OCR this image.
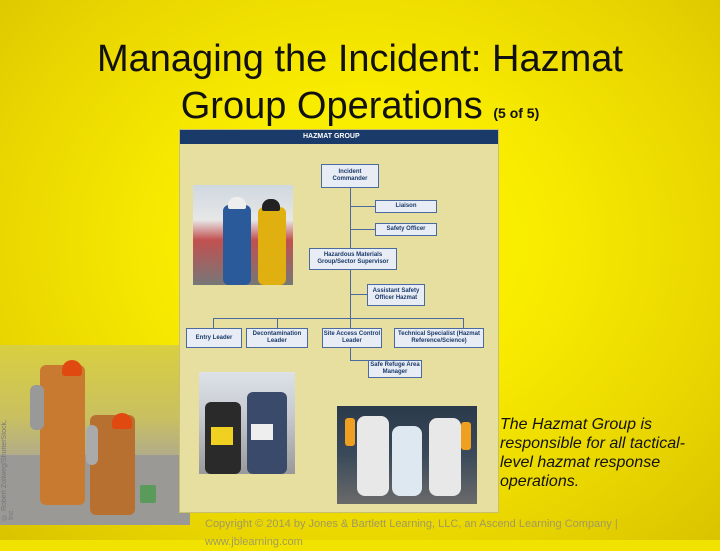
Managing the Incident: Hazmat
Group Operations (5 of 5)
© Robert Zollweg/ShutterStock, Inc.
HAZMAT GROUP
Incident Commander
Liaison
Safety Officer
Hazardous Materials Group/Sector Supervisor
Assistant Safety Officer Hazmat
Entry Leader
Decontamination Leader
Site Access Control Leader
Technical Specialist (Hazmat Reference/Science)
Safe Refuge Area Manager
The Hazmat Group is responsible for all tactical-level hazmat response operations.
Copyright © 2014 by Jones & Bartlett Learning, LLC, an Ascend Learning Company | www.jblearning.com
